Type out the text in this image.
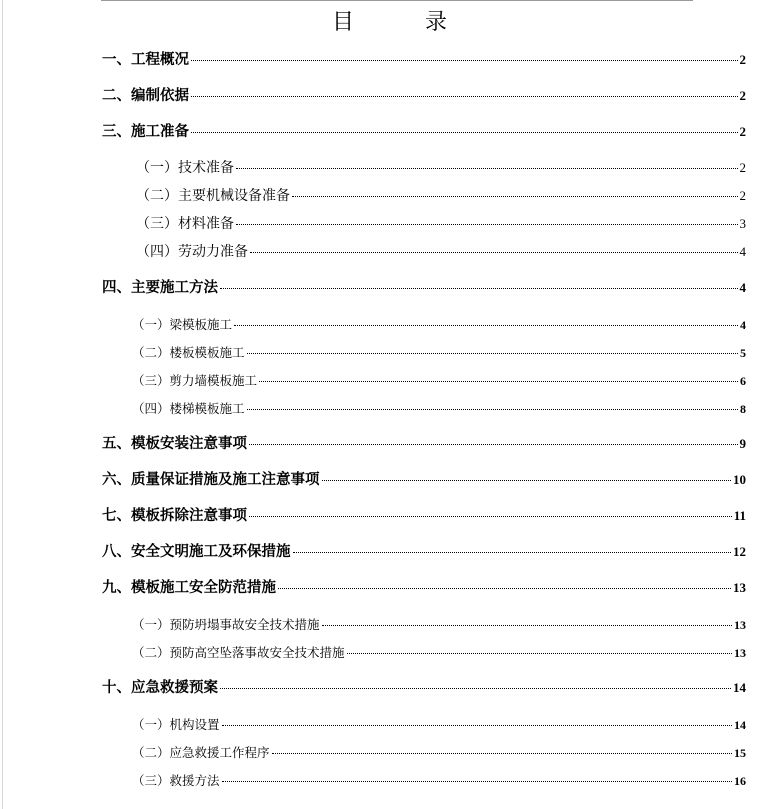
目 录
一、工程概况	2
二、编制依据	2
三、施工准备	2
（一）技术准备	2
（二）主要机械设备准备	2
（三）材料准备	3
（四）劳动力准备	4
四、主要施工方法	4
（一）梁模板施工	4
（二）楼板模板施工	5
（三）剪力墙模板施工	6
（四）楼梯模板施工	8
五、模板安装注意事项	9
六、质量保证措施及施工注意事项	10
七、模板拆除注意事项	11
八、安全文明施工及环保措施	12
九、模板施工安全防范措施	13
（一）预防坍塌事故安全技术措施	13
（二）预防高空坠落事故安全技术措施	13
十、应急救援预案	14
（一）机构设置	14
（二）应急救援工作程序	15
（三）救援方法	16
